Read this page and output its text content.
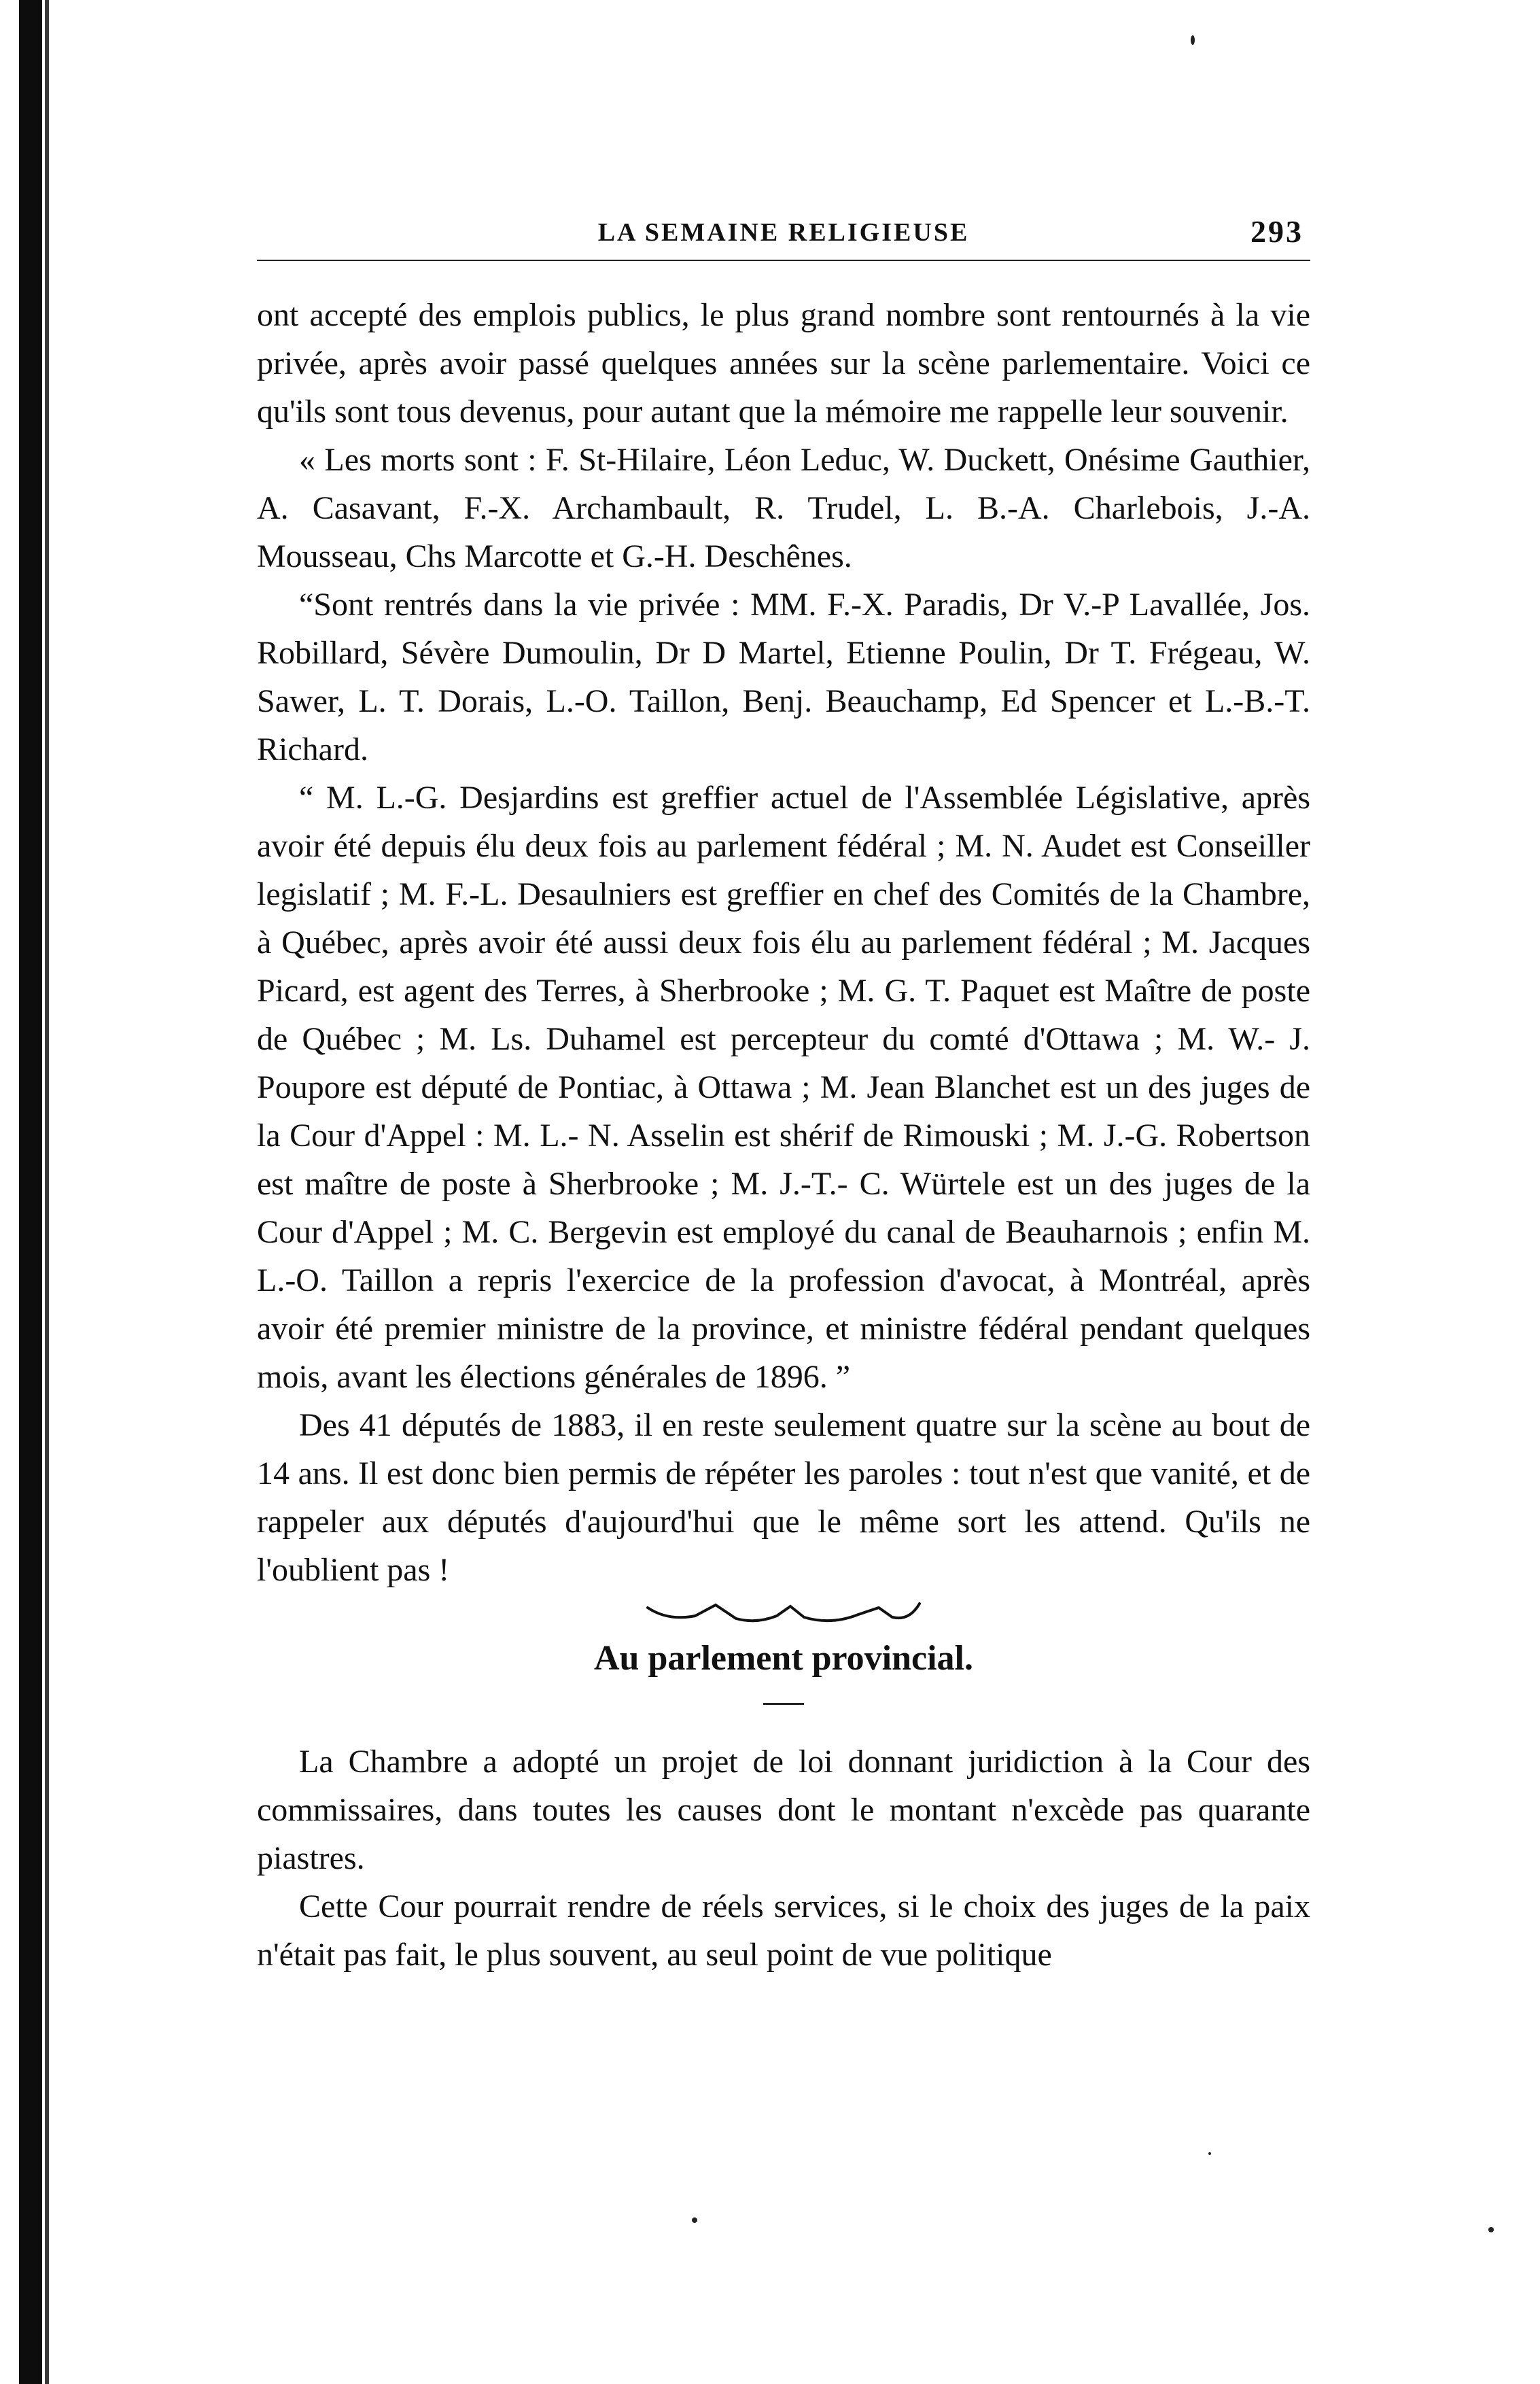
LA SEMAINE RELIGIEUSE	293

ont accepté des emplois publics, le plus grand nombre sont rentournés à la vie privée, après avoir passé quelques années sur la scène parlementaire. Voici ce qu'ils sont tous devenus, pour autant que la mémoire me rappelle leur souvenir.

« Les morts sont : F. St-Hilaire, Léon Leduc, W. Duckett, Onésime Gauthier, A. Casavant, F.-X. Archambault, R. Trudel, L. B.-A. Charlebois, J.-A. Mousseau, Chs Marcotte et G.-H. Deschênes.

“Sont rentrés dans la vie privée : MM. F.-X. Paradis, Dr V.-P Lavallée, Jos. Robillard, Sévère Dumoulin, Dr D Martel, Etienne Poulin, Dr T. Frégeau, W. Sawer, L. T. Dorais, L.-O. Taillon, Benj. Beauchamp, Ed Spencer et L.-B.-T. Richard.

“ M. L.-G. Desjardins est greffier actuel de l'Assemblée Législative, après avoir été depuis élu deux fois au parlement fédéral ; M. N. Audet est Conseiller legislatif ; M. F.-L. Desaulniers est greffier en chef des Comités de la Chambre, à Québec, après avoir été aussi deux fois élu au parlement fédéral ; M. Jacques Picard, est agent des Terres, à Sherbrooke ; M. G. T. Paquet est Maître de poste de Québec ; M. Ls. Duhamel est percepteur du comté d'Ottawa ; M. W.- J. Poupore est député de Pontiac, à Ottawa ; M. Jean Blanchet est un des juges de la Cour d'Appel : M. L.- N. Asselin est shérif de Rimouski ; M. J.-G. Robertson est maître de poste à Sherbrooke ; M. J.-T.- C. Würtele est un des juges de la Cour d'Appel ; M. C. Bergevin est employé du canal de Beauharnois ; enfin M. L.-O. Taillon a repris l'exercice de la profession d'avocat, à Montréal, après avoir été premier ministre de la province, et ministre fédéral pendant quelques mois, avant les élections générales de 1896. ”

Des 41 députés de 1883, il en reste seulement quatre sur la scène au bout de 14 ans. Il est donc bien permis de répéter les paroles : tout n'est que vanité, et de rappeler aux députés d'aujourd'hui que le même sort les attend. Qu'ils ne l'oublient pas !

Au parlement provincial.

La Chambre a adopté un projet de loi donnant juridiction à la Cour des commissaires, dans toutes les causes dont le montant n'excède pas quarante piastres.

Cette Cour pourrait rendre de réels services, si le choix des juges de la paix n'était pas fait, le plus souvent, au seul point de vue politique
